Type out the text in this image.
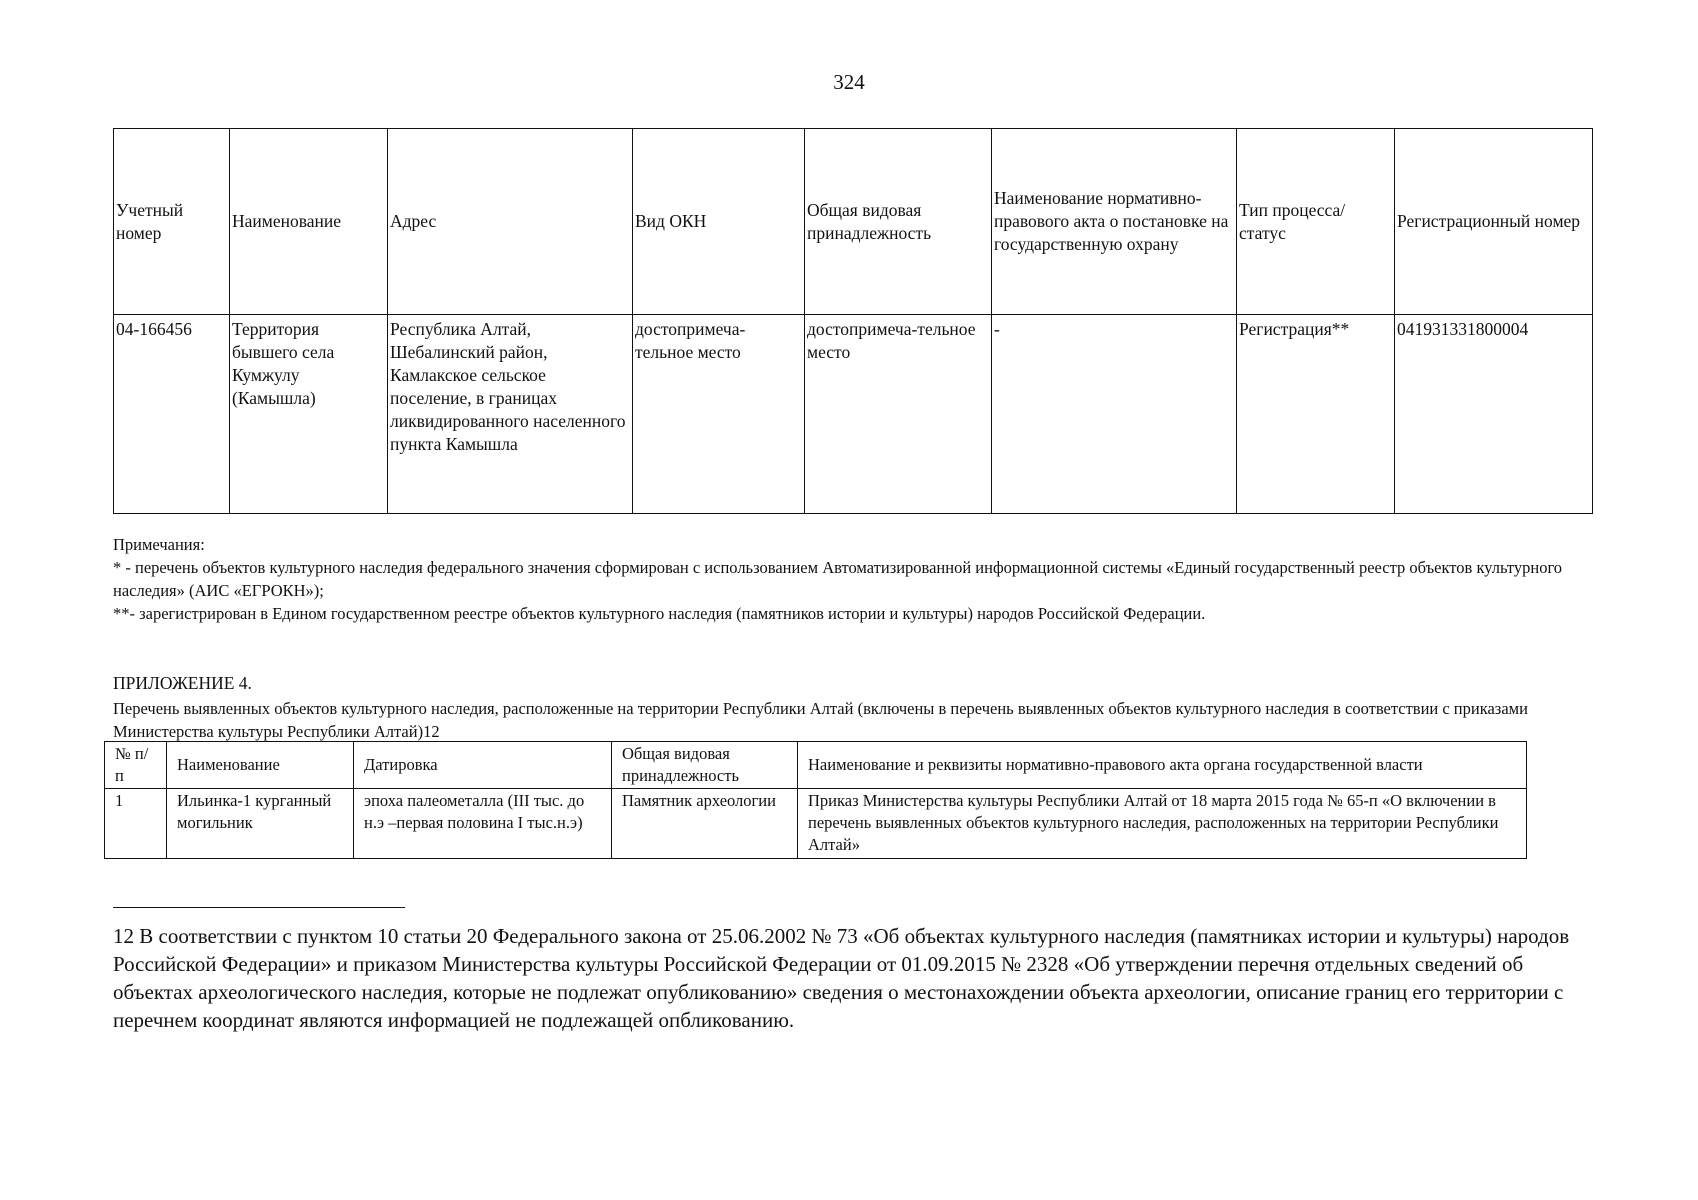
324
Учетный номер	Наименование	Адрес	Вид ОКН	Общая видовая принадлежность	Наименование нормативно-правового акта о постановке на государственную охрану	Тип процесса/ статус	Регистрационный номер
04-166456	Территория бывшего села Кумжулу (Камышла)	Республика Алтай, Шебалинский район, Камлакское сельское поселение, в границах ликвидированного населенного пункта Камышла	достопримеча-тельное место	достопримеча-тельное место	-	Регистрация**	041931331800004

Примечания:

* - перечень объектов культурного наследия федерального значения сформирован с использованием Автоматизированной информационной системы «Единый государственный реестр объектов культурного наследия» (АИС «ЕГРОКН»);

**- зарегистрирован в Едином государственном реестре объектов культурного наследия (памятников истории и культуры) народов Российской Федерации.

ПРИЛОЖЕНИЕ 4.
Перечень выявленных объектов культурного наследия, расположенные на территории Республики Алтай (включены в перечень выявленных объектов культурного наследия в соответствии с приказами Министерства культуры Республики Алтай)12
№ п/п	Наименование	Датировка	Общая видовая принадлежность	Наименование и реквизиты нормативно-правового акта органа государственной власти
1	Ильинка-1 курганный могильник	эпоха палеометалла (III тыс. до н.э –первая половина I тыс.н.э)	Памятник археологии	Приказ Министерства культуры Республики Алтай от 18 марта 2015 года № 65-п «О включении в перечень выявленных объектов культурного наследия, расположенных на территории Республики Алтай»
12 В соответствии с пунктом 10 статьи 20 Федерального закона от 25.06.2002 № 73 «Об объектах культурного наследия (памятниках истории и культуры) народов Российской Федерации» и приказом Министерства культуры Российской Федерации от 01.09.2015 № 2328 «Об утверждении перечня отдельных сведений об объектах археологического наследия, которые не подлежат опубликованию» сведения о местонахождении объекта археологии, описание границ его территории с перечнем координат являются информацией не подлежащей опбликованию.
